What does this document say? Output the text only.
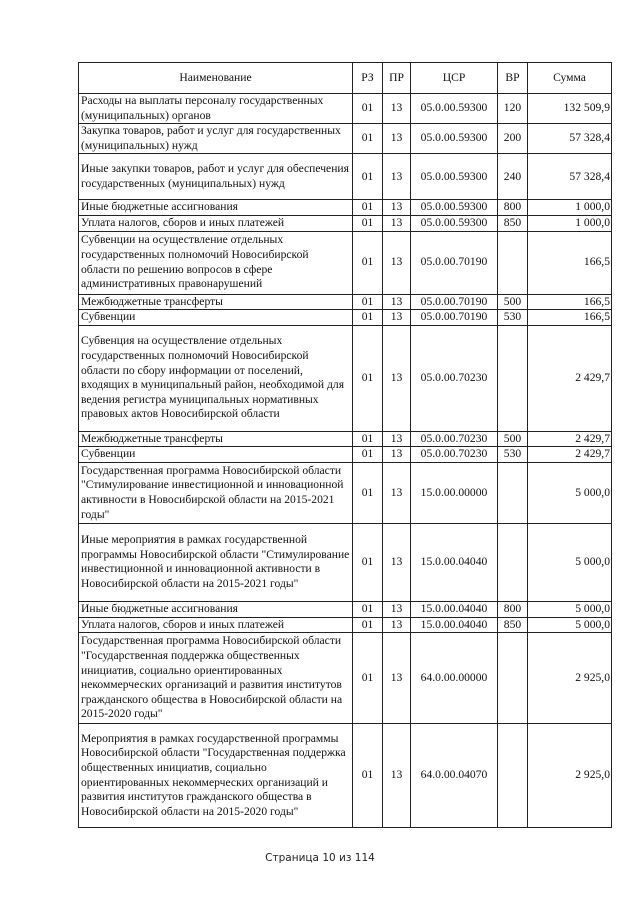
Наименование	РЗ	ПР	ЦСР	ВР	Сумма
Расходы на выплаты персоналу государственных (муниципальных) органов	01	13	05.0.00.59300	120	132 509,9
Закупка товаров, работ и услуг для государственных (муниципальных) нужд	01	13	05.0.00.59300	200	57 328,4
Иные закупки товаров, работ и услуг для обеспечения государственных (муниципальных) нужд	01	13	05.0.00.59300	240	57 328,4
Иные бюджетные ассигнования	01	13	05.0.00.59300	800	1 000,0
Уплата налогов, сборов и иных платежей	01	13	05.0.00.59300	850	1 000,0
Субвенции на осуществление отдельных государственных полномочий Новосибирской области по решению вопросов в сфере административных правонарушений	01	13	05.0.00.70190		166,5
Межбюджетные трансферты	01	13	05.0.00.70190	500	166,5
Субвенции	01	13	05.0.00.70190	530	166,5
Субвенция на осуществление отдельных государственных полномочий Новосибирской области по сбору информации от поселений, входящих в муниципальный район, необходимой для ведения регистра муниципальных нормативных правовых актов Новосибирской области	01	13	05.0.00.70230		2 429,7
Межбюджетные трансферты	01	13	05.0.00.70230	500	2 429,7
Субвенции	01	13	05.0.00.70230	530	2 429,7
Государственная программа Новосибирской области "Стимулирование инвестиционной и инновационной активности в Новосибирской области на 2015-2021 годы"	01	13	15.0.00.00000		5 000,0
Иные мероприятия в рамках государственной программы Новосибирской области "Стимулирование инвестиционной и инновационной активности в Новосибирской области на 2015-2021 годы"	01	13	15.0.00.04040		5 000,0
Иные бюджетные ассигнования	01	13	15.0.00.04040	800	5 000,0
Уплата налогов, сборов и иных платежей	01	13	15.0.00.04040	850	5 000,0
Государственная программа Новосибирской области "Государственная поддержка общественных инициатив, социально ориентированных некоммерческих организаций и развития институтов гражданского общества в Новосибирской области на 2015-2020 годы"	01	13	64.0.00.00000		2 925,0
Мероприятия в рамках государственной программы Новосибирской области "Государственная поддержка общественных инициатив, социально ориентированных некоммерческих организаций и развития институтов гражданского общества в Новосибирской области на 2015-2020 годы"	01	13	64.0.00.04070		2 925,0
Страница 10 из 114
